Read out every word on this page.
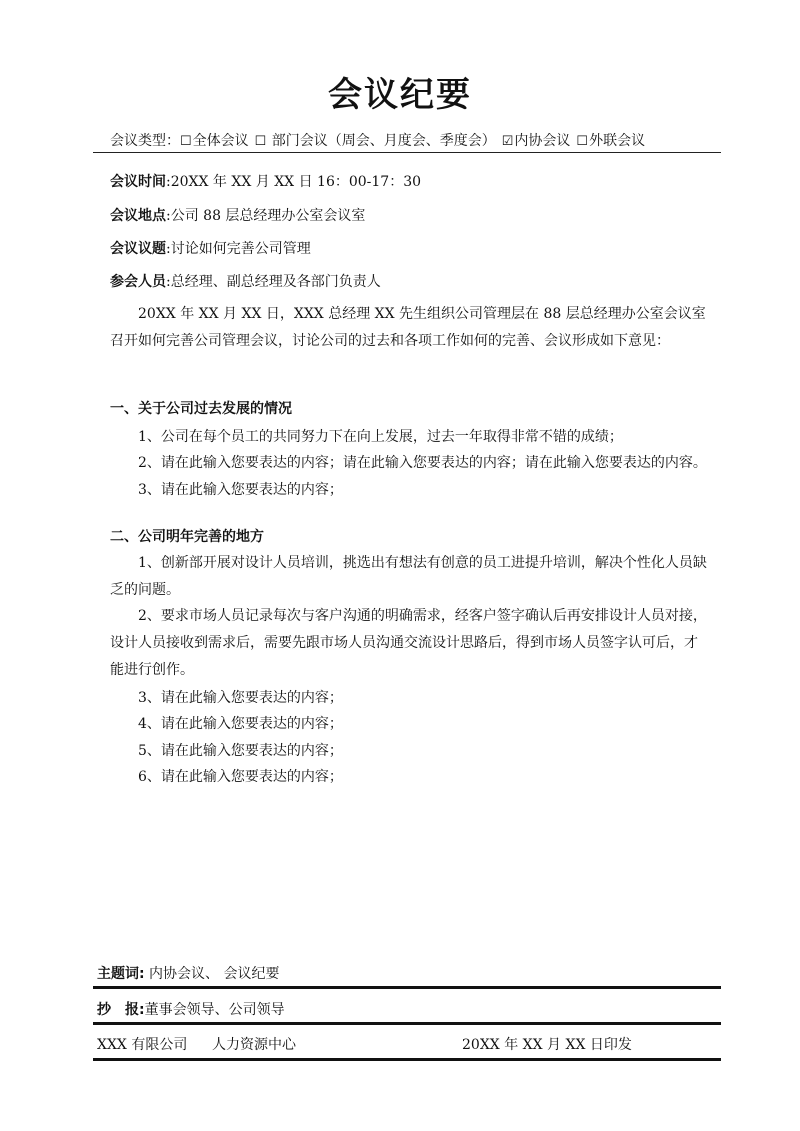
会议纪要
会议类型：☐全体会议 ☐ 部门会议（周会、月度会、季度会） ☑内协会议 ☐外联会议
会议时间:20XX 年 XX 月 XX 日 16：00-17：30
会议地点:公司 88 层总经理办公室会议室
会议议题:讨论如何完善公司管理
参会人员:总经理、副总经理及各部门负责人
20XX 年 XX 月 XX 日，XXX 总经理 XX 先生组织公司管理层在 88 层总经理办公室会议室召开如何完善公司管理会议，讨论公司的过去和各项工作如何的完善、会议形成如下意见：
一、关于公司过去发展的情况
1、公司在每个员工的共同努力下在向上发展，过去一年取得非常不错的成绩；
2、请在此输入您要表达的内容；请在此输入您要表达的内容；请在此输入您要表达的内容。
3、请在此输入您要表达的内容；
二、公司明年完善的地方
1、创新部开展对设计人员培训，挑选出有想法有创意的员工进提升培训，解决个性化人员缺乏的问题。
2、要求市场人员记录每次与客户沟通的明确需求，经客户签字确认后再安排设计人员对接，设计人员接收到需求后，需要先跟市场人员沟通交流设计思路后，得到市场人员签字认可后，才能进行创作。
3、请在此输入您要表达的内容；
4、请在此输入您要表达的内容；
5、请在此输入您要表达的内容；
6、请在此输入您要表达的内容；
主题词: 内协会议、 会议纪要
抄　报:董事会领导、公司领导
XXX 有限公司 人力资源中心	20XX 年 XX 月 XX 日印发
